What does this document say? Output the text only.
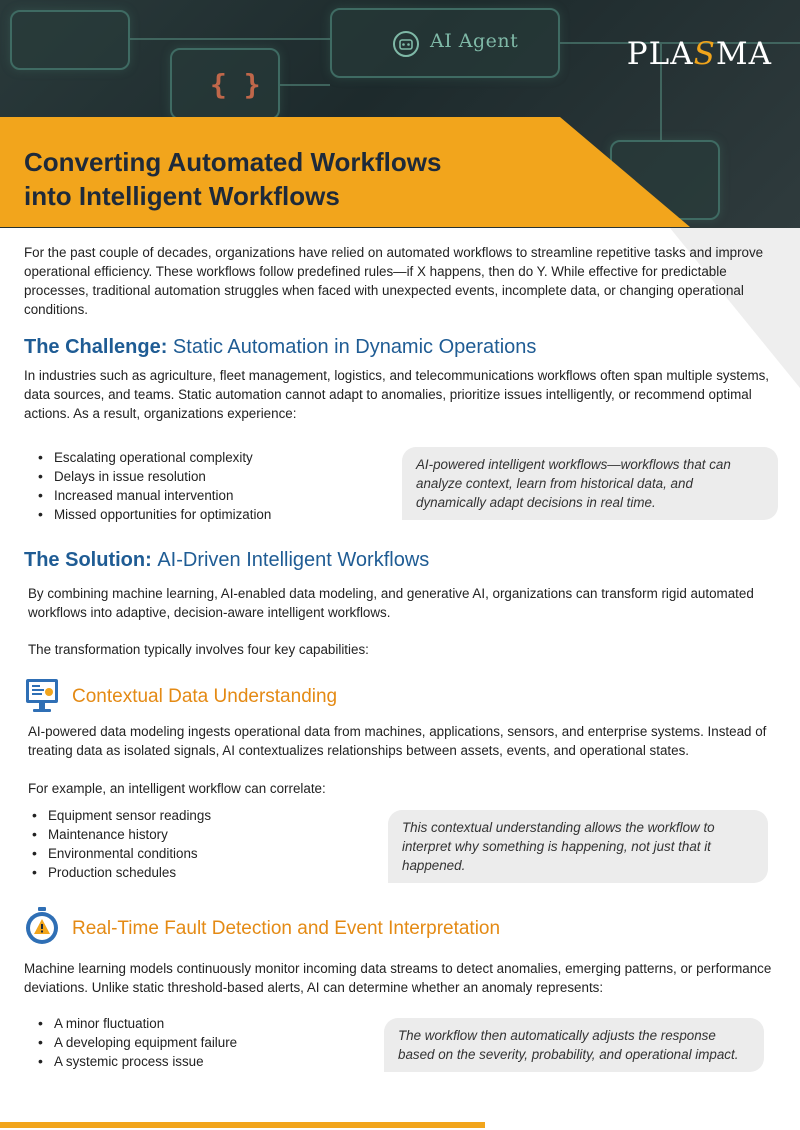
AI Agent
{ }
PLASMA
Converting Automated Workflows
into Intelligent Workflows

For the past couple of decades, organizations have relied on automated workflows to streamline repetitive tasks and improve operational efficiency. These workflows follow predefined rules—if X happens, then do Y. While effective for predictable processes, traditional automation struggles when faced with unexpected events, incomplete data, or changing operational conditions.

The Challenge: Static Automation in Dynamic Operations

In industries such as agriculture, fleet management, logistics, and telecommunications workflows often span multiple systems, data sources, and teams. Static automation cannot adapt to anomalies, prioritize issues intelligently, or recommend optimal actions. As a result, organizations experience:

• Escalating operational complexity
• Delays in issue resolution
• Increased manual intervention
• Missed opportunities for optimization
AI-powered intelligent workflows—workflows that can analyze context, learn from historical data, and dynamically adapt decisions in real time.
The Solution: AI-Driven Intelligent Workflows

By combining machine learning, AI-enabled data modeling, and generative AI, organizations can transform rigid automated workflows into adaptive, decision-aware intelligent workflows.

The transformation typically involves four key capabilities:

Contextual Data Understanding

AI-powered data modeling ingests operational data from machines, applications, sensors, and enterprise systems. Instead of treating data as isolated signals, AI contextualizes relationships between assets, events, and operational states.

For example, an intelligent workflow can correlate:

• Equipment sensor readings
• Maintenance history
• Environmental conditions
• Production schedules
This contextual understanding allows the workflow to interpret why something is happening, not just that it happened.
Real-Time Fault Detection and Event Interpretation

Machine learning models continuously monitor incoming data streams to detect anomalies, emerging patterns, or performance deviations. Unlike static threshold-based alerts, AI can determine whether an anomaly represents:

• A minor fluctuation
• A developing equipment failure
• A systemic process issue
The workflow then automatically adjusts the response based on the severity, probability, and operational impact.
